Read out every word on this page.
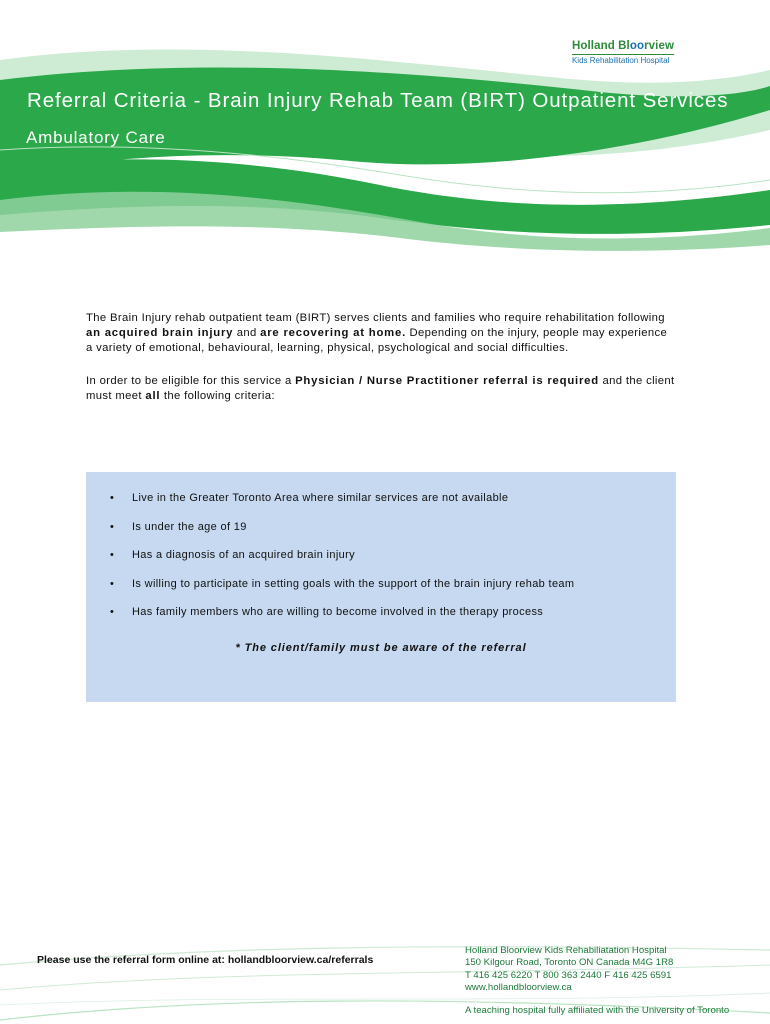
Holland Bloorview
Kids Rehabilitation Hospital
Referral Criteria - Brain Injury Rehab Team (BIRT) Outpatient Services
Ambulatory Care

The Brain Injury rehab outpatient team (BIRT) serves clients and families who require rehabilitation following an acquired brain injury and are recovering at home. Depending on the injury, people may experience a variety of emotional, behavioural, learning, physical, psychological and social difficulties.

In order to be eligible for this service a Physician / Nurse Practitioner referral is required and the client must meet all the following criteria:

• Live in the Greater Toronto Area where similar services are not available
• Is under the age of 19
• Has a diagnosis of an acquired brain injury
• Is willing to participate in setting goals with the support of the brain injury rehab team
• Has family members who are willing to become involved in the therapy process
* The client/family must be aware of the referral
Please use the referral form online at: hollandbloorview.ca/referrals
Holland Bloorview Kids Rehabiliatation Hospital
150 Kilgour Road, Toronto ON Canada M4G 1R8
T 416 425 6220 T 800 363 2440 F 416 425 6591
www.hollandbloorview.ca
A teaching hospital fully affiliated with the University of Toronto
